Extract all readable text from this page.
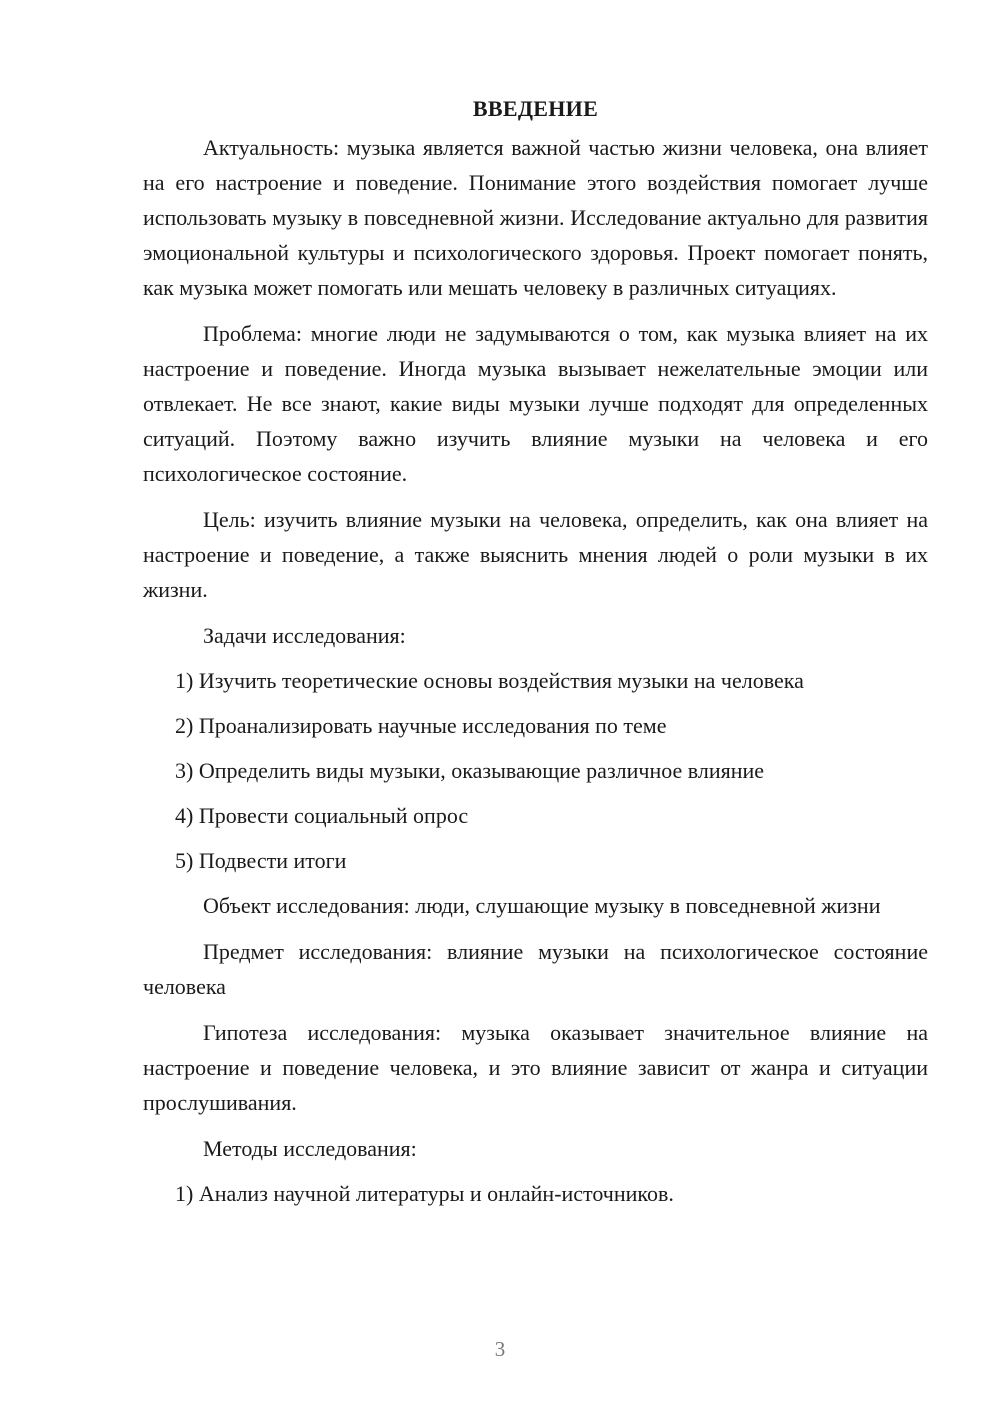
ВВЕДЕНИЕ

Актуальность: музыка является важной частью жизни человека, она влияет на его настроение и поведение. Понимание этого воздействия помогает лучше использовать музыку в повседневной жизни. Исследование актуально для развития эмоциональной культуры и психологического здоровья. Проект помогает понять, как музыка может помогать или мешать человеку в различных ситуациях.

Проблема: многие люди не задумываются о том, как музыка влияет на их настроение и поведение. Иногда музыка вызывает нежелательные эмоции или отвлекает. Не все знают, какие виды музыки лучше подходят для определенных ситуаций. Поэтому важно изучить влияние музыки на человека и его психологическое состояние.

Цель: изучить влияние музыки на человека, определить, как она влияет на настроение и поведение, а также выяснить мнения людей о роли музыки в их жизни.

Задачи исследования:

1) Изучить теоретические основы воздействия музыки на человека

2) Проанализировать научные исследования по теме

3) Определить виды музыки, оказывающие различное влияние

4) Провести социальный опрос

5) Подвести итоги

Объект исследования: люди, слушающие музыку в повседневной жизни

Предмет исследования: влияние музыки на психологическое состояние человека

Гипотеза исследования: музыка оказывает значительное влияние на настроение и поведение человека, и это влияние зависит от жанра и ситуации прослушивания.

Методы исследования:

1) Анализ научной литературы и онлайн-источников.

3
